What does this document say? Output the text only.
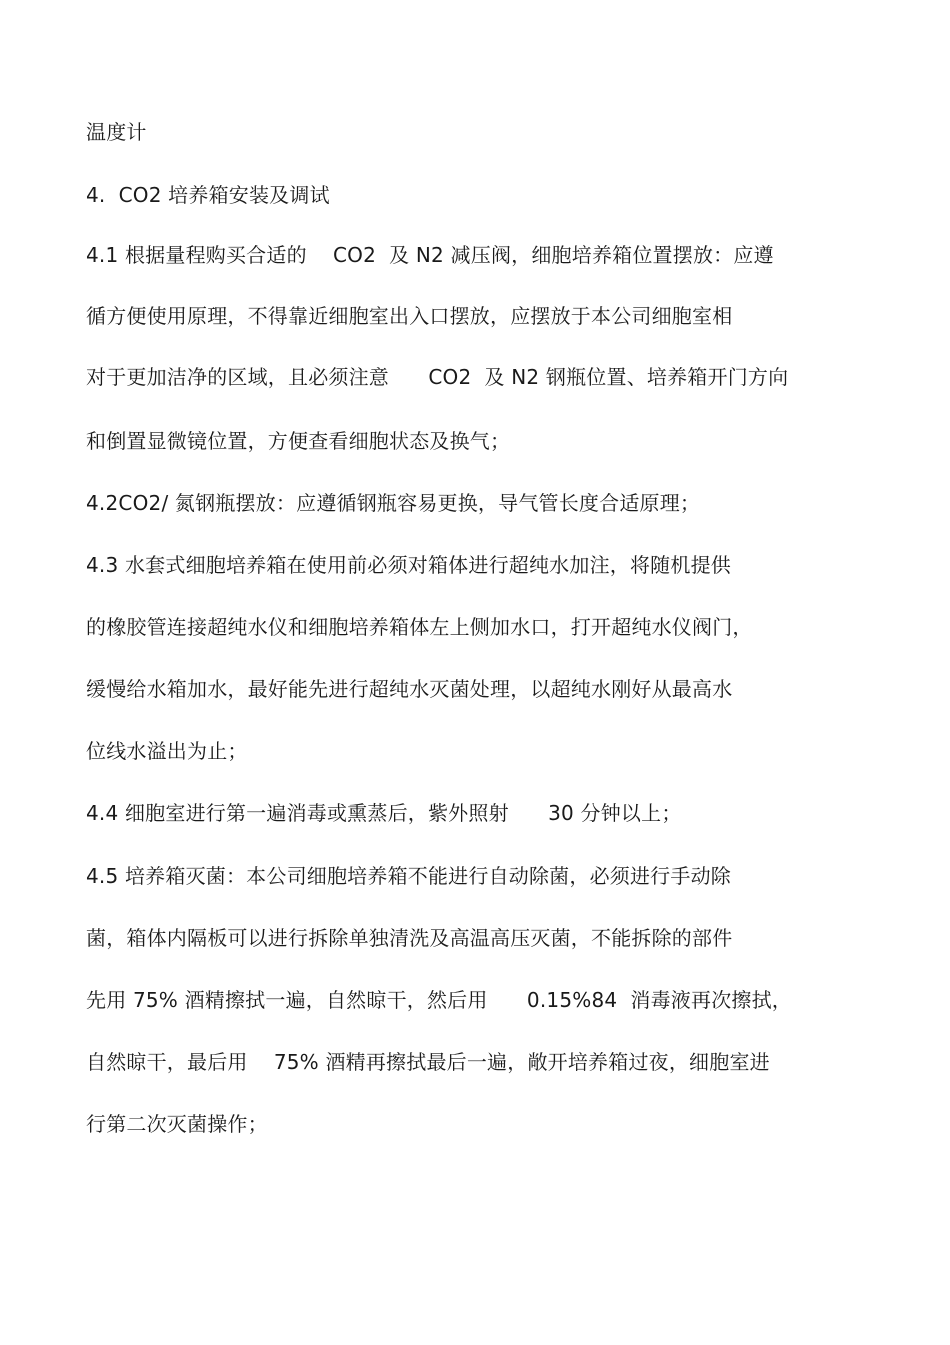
温度计
4.  CO2 培养箱安装及调试
4.1 根据量程购买合适的    CO2  及 N2 减压阀，细胞培养箱位置摆放：应遵
循方便使用原理，不得靠近细胞室出入口摆放，应摆放于本公司细胞室相
对于更加洁净的区域，且必须注意      CO2  及 N2 钢瓶位置、培养箱开门方向
和倒置显微镜位置，方便查看细胞状态及换气；
4.2CO2/ 氮钢瓶摆放：应遵循钢瓶容易更换，导气管长度合适原理；
4.3 水套式细胞培养箱在使用前必须对箱体进行超纯水加注，将随机提供
的橡胶管连接超纯水仪和细胞培养箱体左上侧加水口，打开超纯水仪阀门，
缓慢给水箱加水，最好能先进行超纯水灭菌处理，以超纯水刚好从最高水
位线水溢出为止；
4.4 细胞室进行第一遍消毒或熏蒸后，紫外照射      30 分钟以上；
4.5 培养箱灭菌：本公司细胞培养箱不能进行自动除菌，必须进行手动除
菌，箱体内隔板可以进行拆除单独清洗及高温高压灭菌，不能拆除的部件
先用 75% 酒精擦拭一遍，自然晾干，然后用      0.15%84  消毒液再次擦拭，
自然晾干，最后用    75% 酒精再擦拭最后一遍，敞开培养箱过夜，细胞室进
行第二次灭菌操作；
